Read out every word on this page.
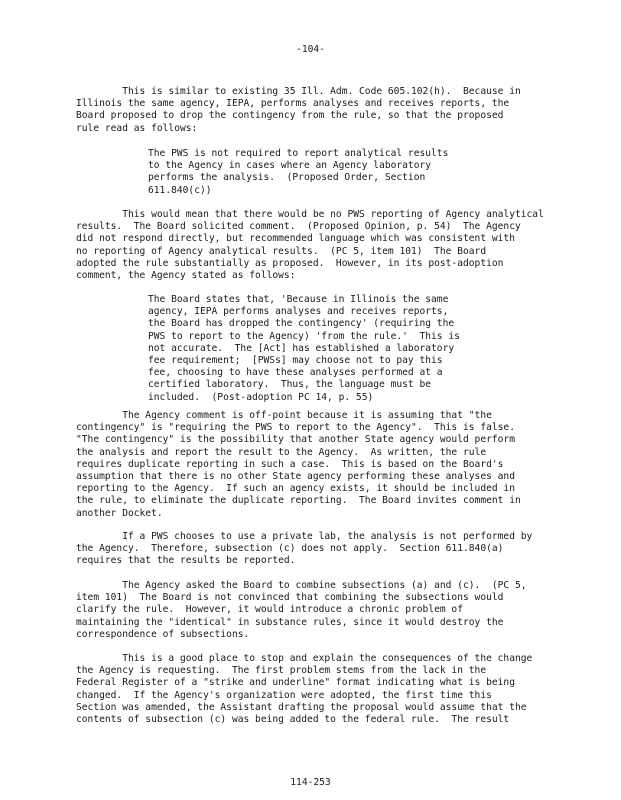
-104-

This is similar to existing 35 Ill. Adm. Code 605.102(h).  Because in
Illinois the same agency, IEPA, performs analyses and receives reports, the
Board proposed to drop the contingency from the rule, so that the proposed
rule read as follows:

The PWS is not required to report analytical results
to the Agency in cases where an Agency laboratory
performs the analysis.  (Proposed Order, Section
611.840(c))

This would mean that there would be no PWS reporting of Agency analytical
results.  The Board solicited comment.  (Proposed Opinion, p. 54)  The Agency
did not respond directly, but recommended language which was consistent with
no reporting of Agency analytical results.  (PC 5, item 101)  The Board
adopted the rule substantially as proposed.  However, in its post-adoption
comment, the Agency stated as follows:

The Board states that, 'Because in Illinois the same
agency, IEPA performs analyses and receives reports,
the Board has dropped the contingency' (requiring the
PWS to report to the Agency) 'from the rule.'  This is
not accurate.  The [Act] has established a laboratory
fee requirement;  [PWSs] may choose not to pay this
fee, choosing to have these analyses performed at a
certified laboratory.  Thus, the language must be
included.  (Post-adoption PC 14, p. 55)

The Agency comment is off-point because it is assuming that "the
contingency" is "requiring the PWS to report to the Agency".  This is false.
"The contingency" is the possibility that another State agency would perform
the analysis and report the result to the Agency.  As written, the rule
requires duplicate reporting in such a case.  This is based on the Board's
assumption that there is no other State agency performing these analyses and
reporting to the Agency.  If such an agency exists, it should be included in
the rule, to eliminate the duplicate reporting.  The Board invites comment in
another Docket.

If a PWS chooses to use a private lab, the analysis is not performed by
the Agency.  Therefore, subsection (c) does not apply.  Section 611.840(a)
requires that the results be reported.

The Agency asked the Board to combine subsections (a) and (c).  (PC 5,
item 101)  The Board is not convinced that combining the subsections would
clarify the rule.  However, it would introduce a chronic problem of
maintaining the "identical" in substance rules, since it would destroy the
correspondence of subsections.

This is a good place to stop and explain the consequences of the change
the Agency is requesting.  The first problem stems from the lack in the
Federal Register of a "strike and underline" format indicating what is being
changed.  If the Agency's organization were adopted, the first time this
Section was amended, the Assistant drafting the proposal would assume that the
contents of subsection (c) was being added to the federal rule.  The result

114-253
